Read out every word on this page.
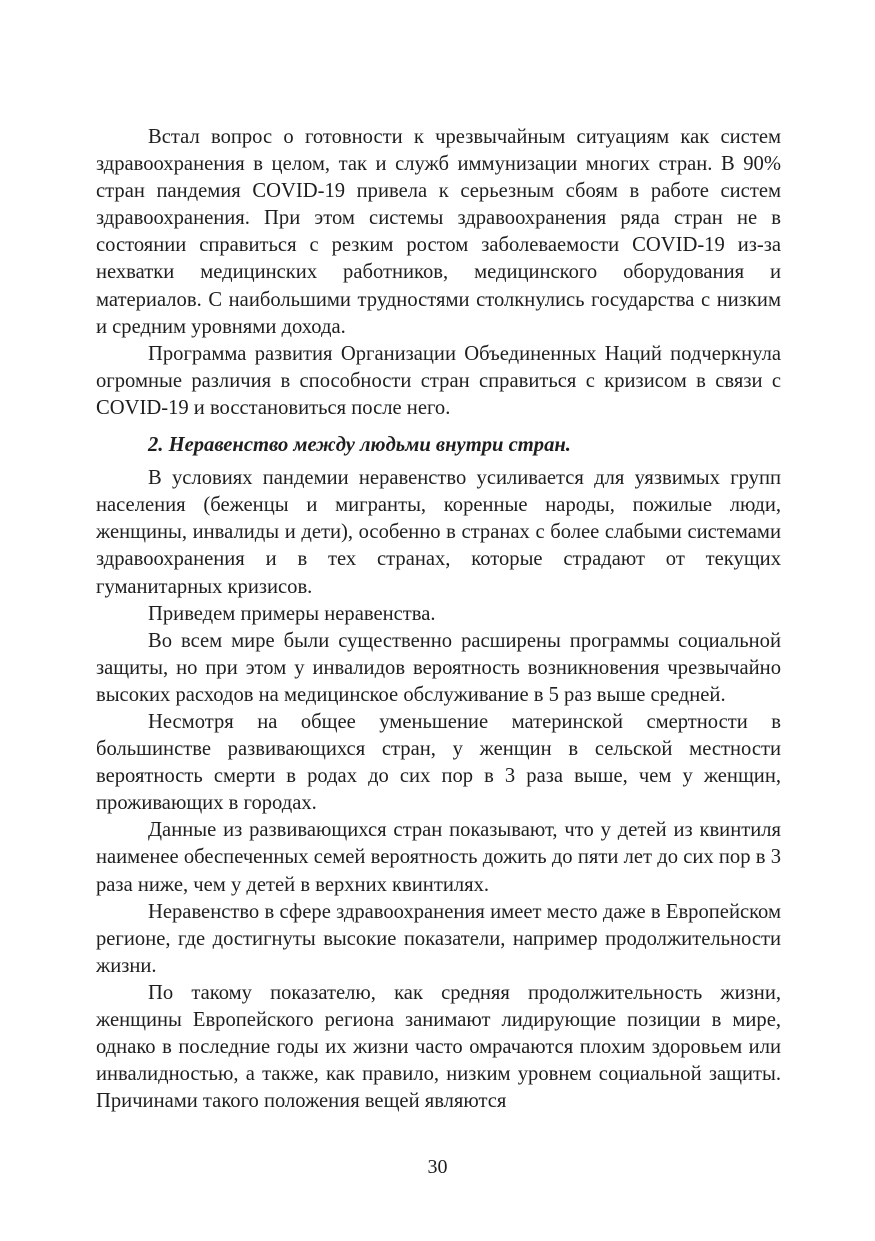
Встал вопрос о готовности к чрезвычайным ситуациям как систем здравоохранения в целом, так и служб иммунизации многих стран. В 90% стран пандемия COVID-19 привела к серьезным сбоям в работе систем здравоохранения. При этом системы здравоохранения ряда стран не в состоянии справиться с резким ростом заболеваемости COVID-19 из-за нехватки медицинских работников, медицинского оборудования и материалов. С наибольшими трудностями столкнулись государства с низким и средним уровнями дохода.

Программа развития Организации Объединенных Наций подчеркнула огромные различия в способности стран справиться с кризисом в связи с COVID-19 и восстановиться после него.

2. Неравенство между людьми внутри стран.

В условиях пандемии неравенство усиливается для уязвимых групп населения (беженцы и мигранты, коренные народы, пожилые люди, женщины, инвалиды и дети), особенно в странах с более слабыми системами здравоохранения и в тех странах, которые страдают от текущих гуманитарных кризисов.

Приведем примеры неравенства.

Во всем мире были существенно расширены программы социальной защиты, но при этом у инвалидов вероятность возникновения чрезвычайно высоких расходов на медицинское обслуживание в 5 раз выше средней.

Несмотря на общее уменьшение материнской смертности в большинстве развивающихся стран, у женщин в сельской местности вероятность смерти в родах до сих пор в 3 раза выше, чем у женщин, проживающих в городах.

Данные из развивающихся стран показывают, что у детей из квинтиля наименее обеспеченных семей вероятность дожить до пяти лет до сих пор в 3 раза ниже, чем у детей в верхних квинтилях.

Неравенство в сфере здравоохранения имеет место даже в Европейском регионе, где достигнуты высокие показатели, например продолжительности жизни.

По такому показателю, как средняя продолжительность жизни, женщины Европейского региона занимают лидирующие позиции в мире, однако в последние годы их жизни часто омрачаются плохим здоровьем или инвалидностью, а также, как правило, низким уровнем социальной защиты. Причинами такого положения вещей являются

30
